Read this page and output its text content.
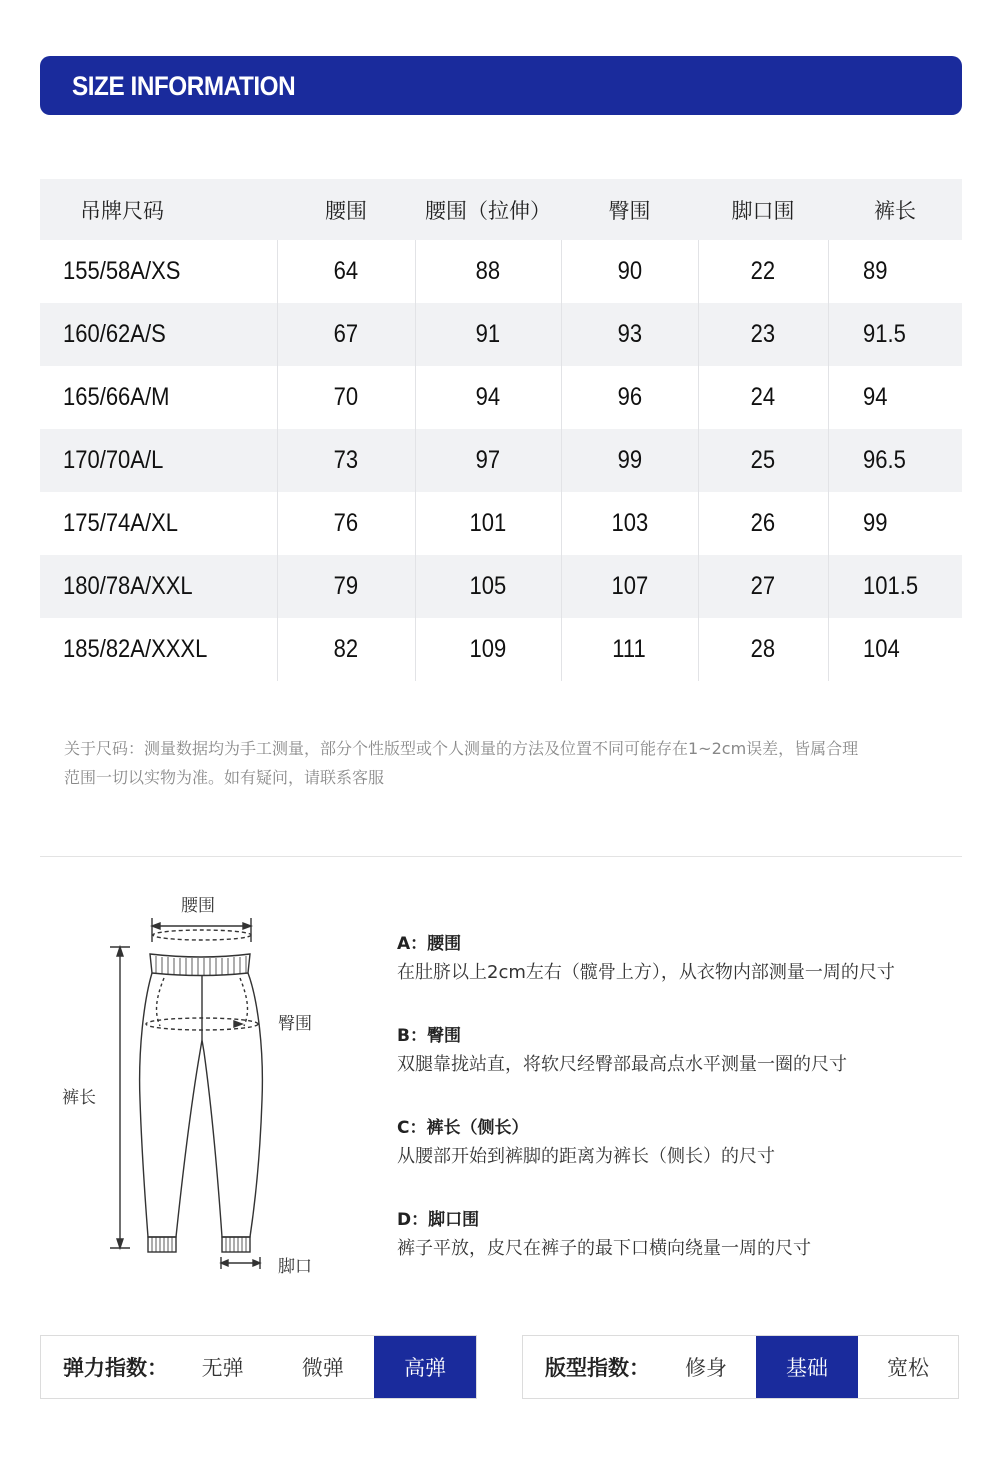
SIZE INFORMATION
吊牌尺码	腰围	腰围（拉伸）	臀围	脚口围	裤长
155/58A/XS	64	88	90	22	89
160/62A/S	67	91	93	23	91.5
165/66A/M	70	94	96	24	94
170/70A/L	73	97	99	25	96.5
175/74A/XL	76	101	103	26	99
180/78A/XXL	79	105	107	27	101.5
185/82A/XXXL	82	109	111	28	104
关于尺码：测量数据均为手工测量，部分个性版型或个人测量的方法及位置不同可能存在1~2cm误差，皆属合理
范围一切以实物为准。如有疑问，请联系客服
腰围
臀围
裤长
脚口
A：腰围
在肚脐以上2cm左右（髋骨上方），从衣物内部测量一周的尺寸
B：臀围
双腿靠拢站直，将软尺经臀部最高点水平测量一圈的尺寸
C：裤长（侧长）
从腰部开始到裤脚的距离为裤长（侧长）的尺寸
D：脚口围
裤子平放，皮尺在裤子的最下口横向绕量一周的尺寸
弹力指数：	无弹	微弹	高弹	版型指数：	修身	基础	宽松
